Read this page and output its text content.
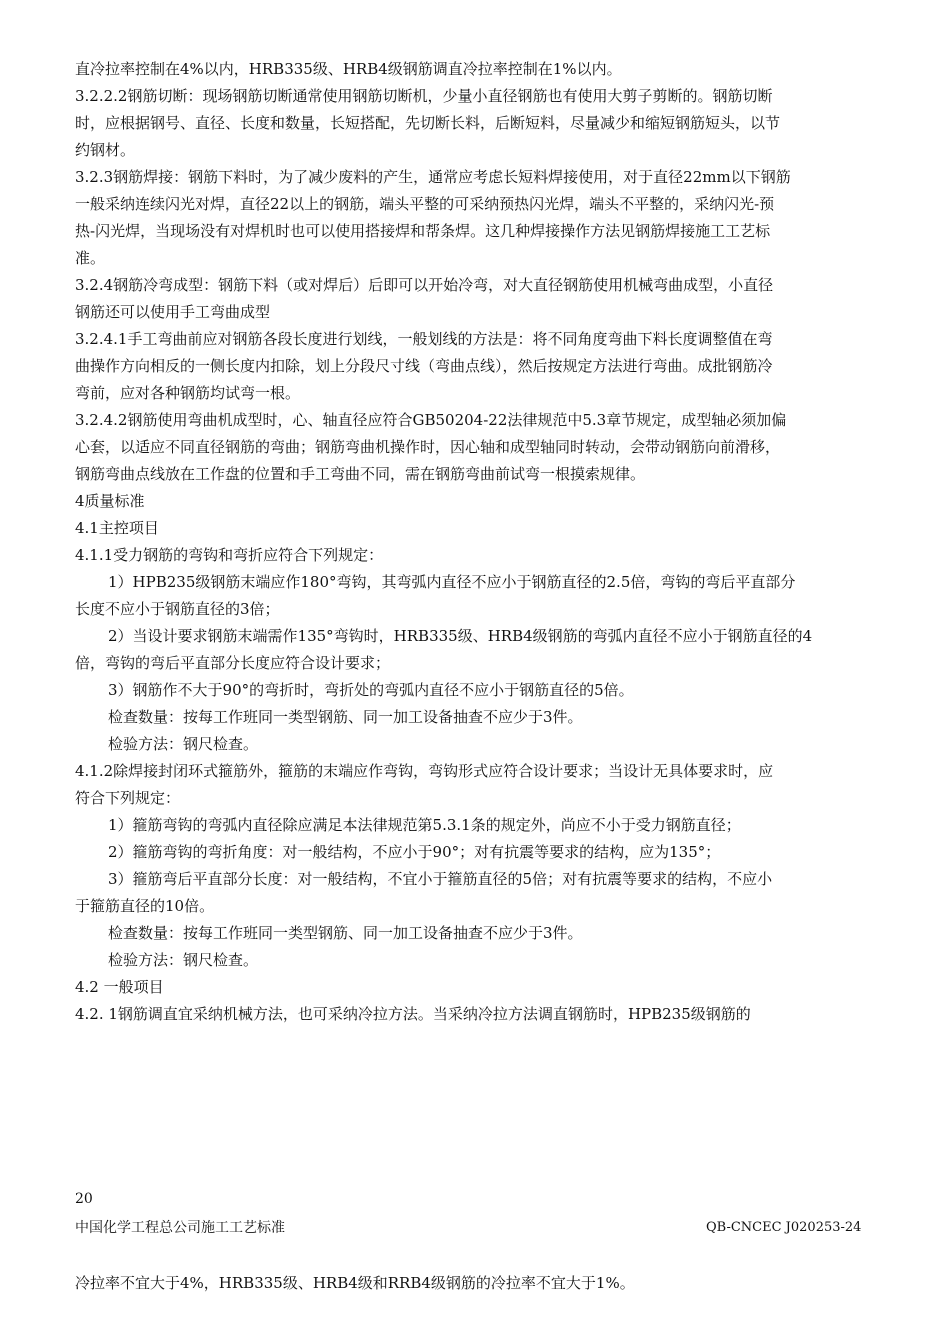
直冷拉率控制在4%以内，HRB335级、HRB4级钢筋调直冷拉率控制在1%以内。
3.2.2.2钢筋切断：现场钢筋切断通常使用钢筋切断机，少量小直径钢筋也有使用大剪子剪断的。钢筋切断
时，应根据钢号、直径、长度和数量，长短搭配，先切断长料，后断短料，尽量减少和缩短钢筋短头，以节
约钢材。
3.2.3钢筋焊接：钢筋下料时，为了减少废料的产生，通常应考虑长短料焊接使用，对于直径22mm以下钢筋
一般采纳连续闪光对焊，直径22以上的钢筋，端头平整的可采纳预热闪光焊，端头不平整的，采纳闪光-预
热-闪光焊，当现场没有对焊机时也可以使用搭接焊和帮条焊。这几种焊接操作方法见钢筋焊接施工工艺标
准。
3.2.4钢筋冷弯成型：钢筋下料（或对焊后）后即可以开始冷弯，对大直径钢筋使用机械弯曲成型，小直径
钢筋还可以使用手工弯曲成型
3.2.4.1手工弯曲前应对钢筋各段长度进行划线，一般划线的方法是：将不同角度弯曲下料长度调整值在弯
曲操作方向相反的一侧长度内扣除，划上分段尺寸线（弯曲点线），然后按规定方法进行弯曲。成批钢筋冷
弯前，应对各种钢筋均试弯一根。
3.2.4.2钢筋使用弯曲机成型时，心、轴直径应符合GB50204-22法律规范中5.3章节规定，成型轴必须加偏
心套，以适应不同直径钢筋的弯曲；钢筋弯曲机操作时，因心轴和成型轴同时转动，会带动钢筋向前滑移，
钢筋弯曲点线放在工作盘的位置和手工弯曲不同，需在钢筋弯曲前试弯一根摸索规律。
4质量标准
4.1主控项目
4.1.1受力钢筋的弯钩和弯折应符合下列规定：
1）HPB235级钢筋末端应作180°弯钩，其弯弧内直径不应小于钢筋直径的2.5倍，弯钩的弯后平直部分
长度不应小于钢筋直径的3倍；
2）当设计要求钢筋末端需作135°弯钩时，HRB335级、HRB4级钢筋的弯弧内直径不应小于钢筋直径的4
倍，弯钩的弯后平直部分长度应符合设计要求；
3）钢筋作不大于90°的弯折时，弯折处的弯弧内直径不应小于钢筋直径的5倍。
检查数量：按每工作班同一类型钢筋、同一加工设备抽查不应少于3件。
检验方法：钢尺检查。
4.1.2除焊接封闭环式箍筋外，箍筋的末端应作弯钩，弯钩形式应符合设计要求；当设计无具体要求时，应
符合下列规定：
1）箍筋弯钩的弯弧内直径除应满足本法律规范第5.3.1条的规定外，尚应不小于受力钢筋直径；
2）箍筋弯钩的弯折角度：对一般结构，不应小于90°；对有抗震等要求的结构，应为135°；
3）箍筋弯后平直部分长度：对一般结构，不宜小于箍筋直径的5倍；对有抗震等要求的结构，不应小
于箍筋直径的10倍。
检查数量：按每工作班同一类型钢筋、同一加工设备抽查不应少于3件。
检验方法：钢尺检查。
4.2 一般项目
4.2. 1钢筋调直宜采纳机械方法，也可采纳冷拉方法。当采纳冷拉方法调直钢筋时，HPB235级钢筋的
20
中国化学工程总公司施工工艺标准	QB-CNCEC J020253-24
冷拉率不宜大于4%，HRB335级、HRB4级和RRB4级钢筋的冷拉率不宜大于1%。
